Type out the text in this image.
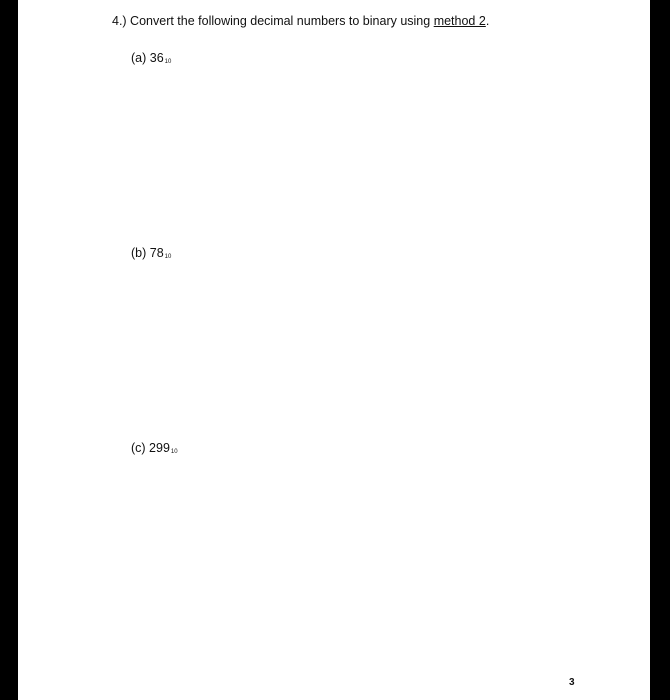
4.) Convert the following decimal numbers to binary using method 2.
(a) $36_{10}$
(b) $78_{10}$
(c) $299_{10}$
3
